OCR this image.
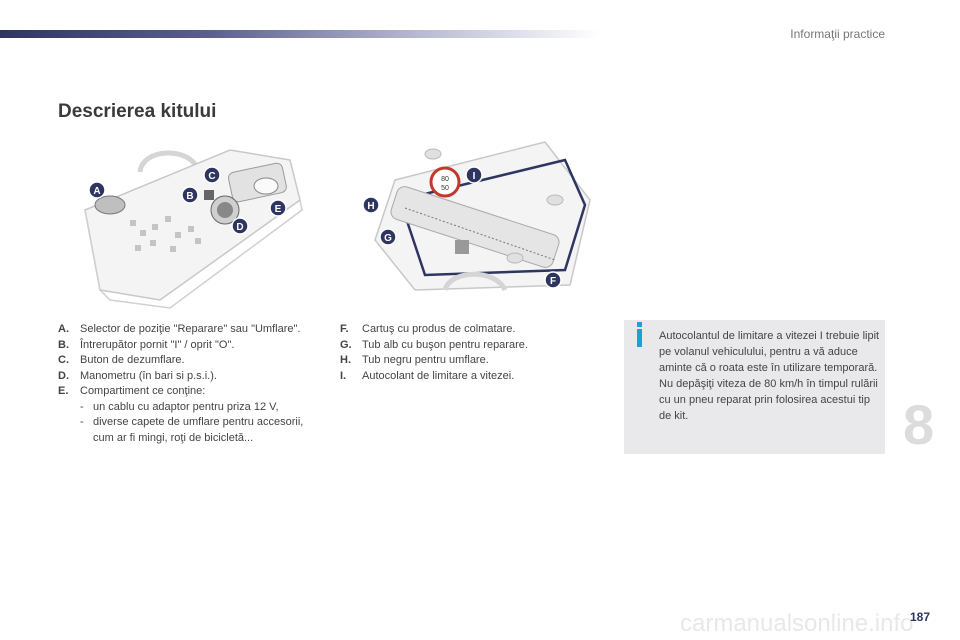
Informaţii practice
Descrierea kitului
A	B
C
D
E
80
50
H
G
F
I
A.	Selector de poziţie "Reparare" sau "Umflare".
B.	Întrerupător pornit "I" / oprit "O".
C.	Buton de dezumflare.
D.	Manometru (în bari si p.s.i.).
E.	Compartiment ce conţine:
- un cablu cu adaptor pentru priza 12 V,
- diverse capete de umflare pentru accesorii, cum ar fi mingi, roţi de bicicletă...
F.	Cartuş cu produs de colmatare.
G. Tub alb cu buşon pentru reparare.
H.	Tub negru pentru umflare.
I.	Autocolant de limitare a vitezei.
Autocolantul de limitare a vitezei I trebuie lipit pe volanul vehiculului, pentru a vă aduce aminte că o roata este în utilizare temporară. Nu depăşiţi viteza de 80 km/h în timpul rulării cu un pneu reparat prin folosirea acestui tip de kit.	8
carmanualsonline.info
187
